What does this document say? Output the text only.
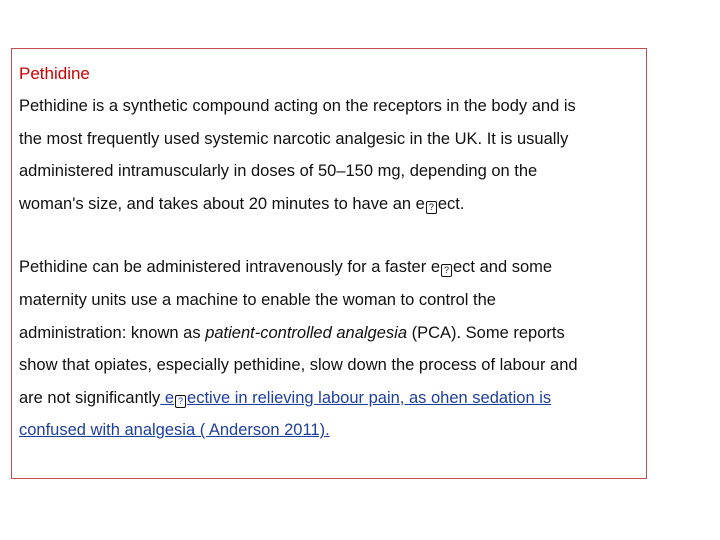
Pethidine
Pethidine is a synthetic compound acting on the receptors in the body and is
the most frequently used systemic narcotic analgesic in the UK. It is usually
administered intramuscularly in doses of 50–150 mg, depending on the
woman's size, and takes about 20 minutes to have an e ? ect.
Pethidine can be administered intravenously for a faster e ? ect and some
maternity units use a machine to enable the woman to control the
administration: known as patient-controlled analgesia (PCA). Some reports
show that opiates, especially pethidine, slow down the process of labour and
are not significantly e ? ective in relieving labour pain, as ohen sedation is
confused with analgesia ( Anderson 2011).
